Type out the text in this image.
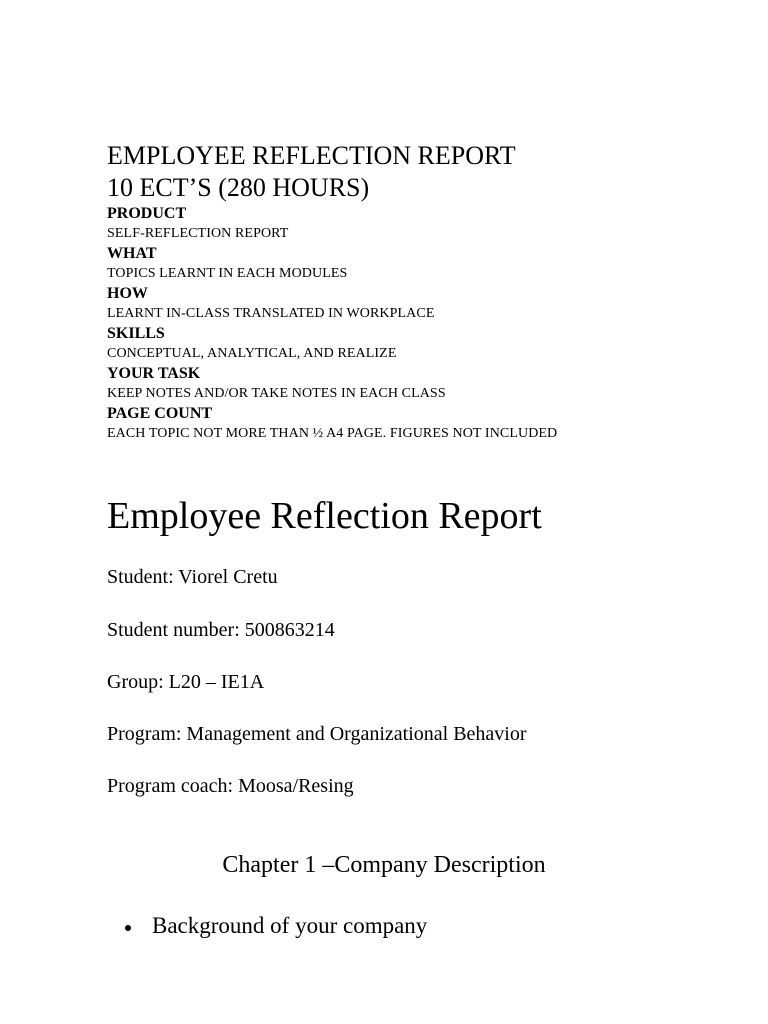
EMPLOYEE REFLECTION REPORT

10 ECT’S (280 HOURS)

PRODUCT

SELF-REFLECTION REPORT

WHAT

TOPICS LEARNT IN EACH MODULES

HOW

LEARNT IN-CLASS TRANSLATED IN WORKPLACE

SKILLS

CONCEPTUAL, ANALYTICAL, AND REALIZE

YOUR TASK

KEEP NOTES AND/OR TAKE NOTES IN EACH CLASS

PAGE COUNT

EACH TOPIC NOT MORE THAN ½ A4 PAGE. FIGURES NOT INCLUDED

Employee Reflection Report

Student: Viorel Cretu

Student number: 500863214

Group: L20 – IE1A

Program: Management and Organizational Behavior

Program coach: Moosa/Resing

Chapter 1 –Company Description
Background of your company
